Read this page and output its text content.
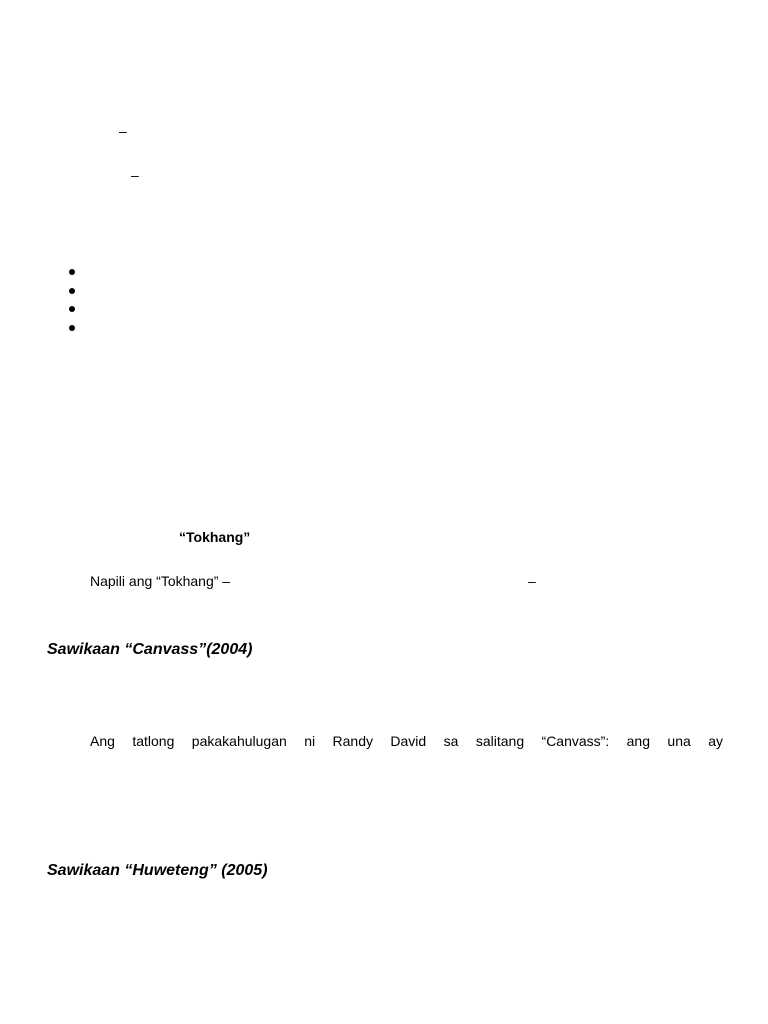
–
–
“Tokhang”
Napili ang “Tokhang” –	–
Sawikaan “Canvass”(2004)
Ang tatlong pakakahulugan ni Randy David sa salitang “Canvass”: ang una ay
Sawikaan “Huweteng” (2005)
